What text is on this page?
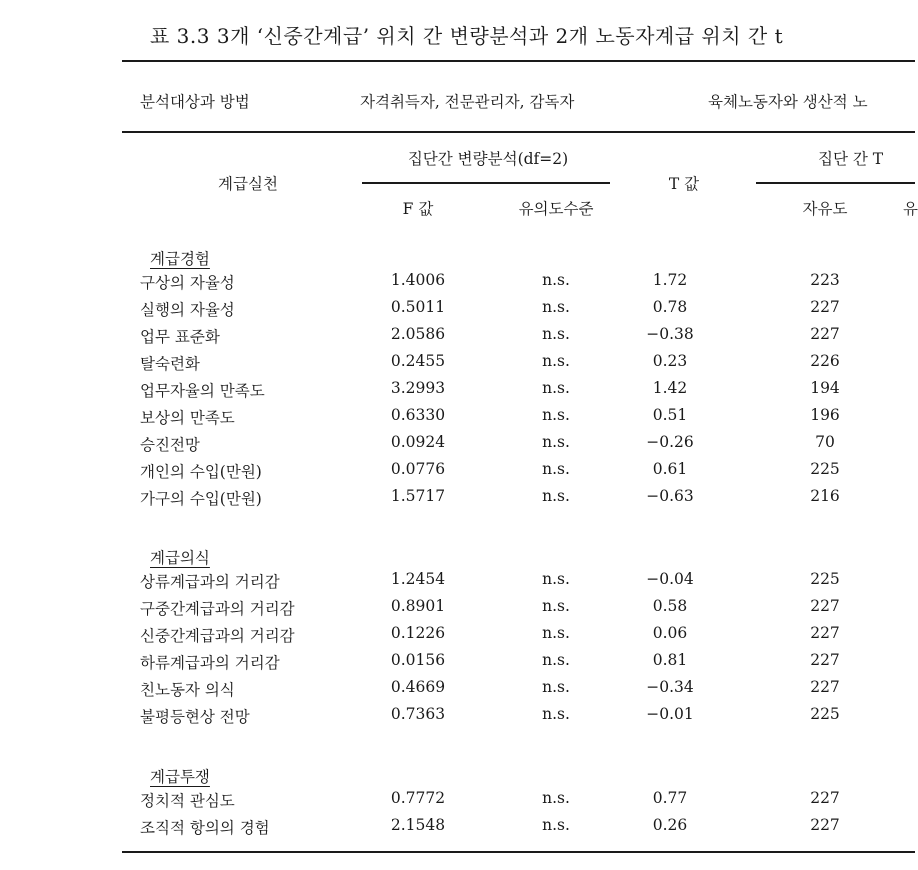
표 3.3 3개 ‘신중간계급’ 위치 간 변량분석과 2개 노동자계급 위치 간 t
분석대상과 방법	자격취득자, 전문관리자, 감독자	육체노동자와 생산적 노
계급실천
집단간 변량분석(df=2)
F 값	유의도수준
T 값
집단 간 T
자유도	유
계급경험
구상의 자율성	1.4006	n.s.	1.72	223
실행의 자율성	0.5011	n.s.	0.78	227
업무 표준화	2.0586	n.s.	−0.38	227
탈숙련화	0.2455	n.s.	0.23	226
업무자율의 만족도	3.2993	n.s.	1.42	194
보상의 만족도	0.6330	n.s.	0.51	196
승진전망	0.0924	n.s.	−0.26	70
개인의 수입(만원)	0.0776	n.s.	0.61	225
가구의 수입(만원)	1.5717	n.s.	−0.63	216
계급의식
상류계급과의 거리감	1.2454	n.s.	−0.04	225
구중간계급과의 거리감	0.8901	n.s.	0.58	227
신중간계급과의 거리감	0.1226	n.s.	0.06	227
하류계급과의 거리감	0.0156	n.s.	0.81	227
친노동자 의식	0.4669	n.s.	−0.34	227
불평등현상 전망	0.7363	n.s.	−0.01	225
계급투쟁
정치적 관심도	0.7772	n.s.	0.77	227
조직적 항의의 경험	2.1548	n.s.	0.26	227
